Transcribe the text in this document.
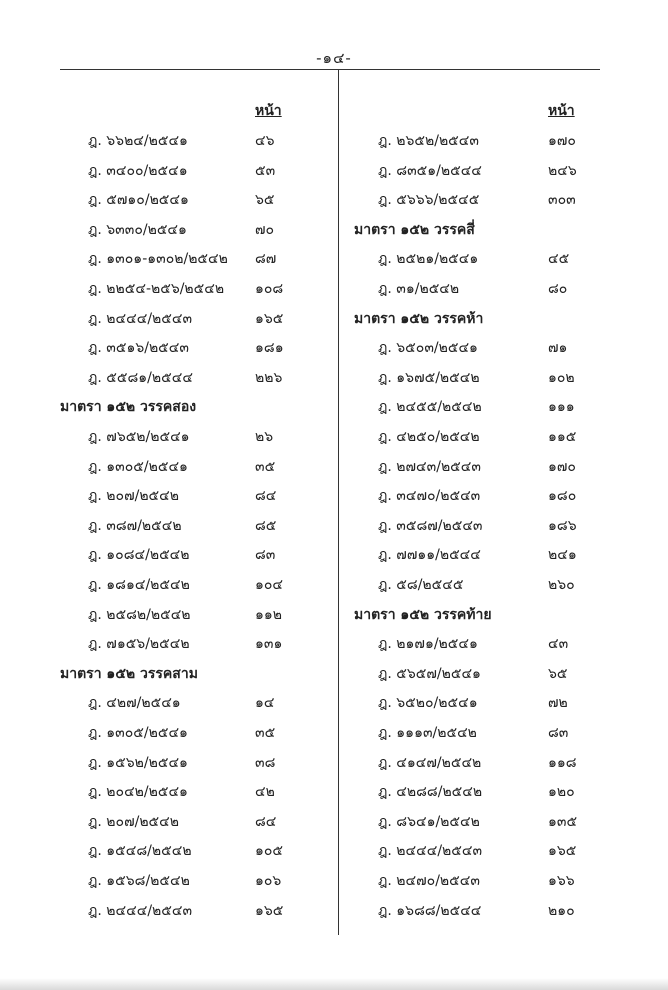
-๑๔-
หน้า
ฎ. ๖๖๒๔/๒๕๔๑	๔๖
ฎ. ๓๔๐๐/๒๕๔๑	๕๓
ฎ. ๕๗๑๐/๒๕๔๑	๖๕
ฎ. ๖๓๓๐/๒๕๔๑	๗๐
ฎ. ๑๓๐๑-๑๓๐๒/๒๕๔๒ ๘๗
ฎ. ๒๒๕๔-๒๕๖/๒๕๔๒ ๑๐๘
ฎ. ๒๔๔๔/๒๕๔๓	๑๖๕
ฎ. ๓๕๑๖/๒๕๔๓	๑๘๑
ฎ. ๕๕๘๑/๒๕๔๔	๒๒๖
มาตรา ๑๕๒ วรรคสอง
ฎ. ๗๖๕๒/๒๕๔๑	๒๖
ฎ. ๑๓๐๕/๒๕๔๑	๓๕
ฎ. ๒๐๗/๒๕๔๒	๘๔
ฎ. ๓๘๗/๒๕๔๒	๘๕
ฎ. ๑๐๘๔/๒๕๔๒	๘๓
ฎ. ๑๘๑๔/๒๕๔๒	๑๐๔
ฎ. ๒๕๘๒/๒๕๔๒	๑๑๒
ฎ. ๗๑๕๖/๒๕๔๒	๑๓๑
มาตรา ๑๕๒ วรรคสาม
ฎ. ๔๒๗/๒๕๔๑	๑๔
ฎ. ๑๓๐๕/๒๕๔๑	๓๕
ฎ. ๑๕๖๒/๒๕๔๑	๓๘
ฎ. ๒๐๔๒/๒๕๔๑	๔๒
ฎ. ๒๐๗/๒๕๔๒	๘๔
ฎ. ๑๕๔๘/๒๕๔๒	๑๐๕
ฎ. ๑๕๖๘/๒๕๔๒	๑๐๖
ฎ. ๒๔๔๔/๒๕๔๓	๑๖๕
หน้า
ฎ. ๒๖๕๒/๒๕๔๓	๑๗๐
ฎ. ๘๓๕๑/๒๕๔๔	๒๔๖
ฎ. ๕๖๖๖/๒๕๔๕	๓๐๓
มาตรา ๑๕๒ วรรคสี่
ฎ. ๒๕๒๑/๒๕๔๑	๔๕
ฎ. ๓๑/๒๕๔๒	๘๐
มาตรา ๑๕๒ วรรคห้า
ฎ. ๖๕๐๓/๒๕๔๑	๗๑
ฎ. ๑๖๗๕/๒๕๔๒	๑๐๒
ฎ. ๒๔๕๕/๒๕๔๒	๑๑๑
ฎ. ๔๒๕๐/๒๕๔๒	๑๑๕
ฎ. ๒๗๔๓/๒๕๔๓	๑๗๐
ฎ. ๓๔๗๐/๒๕๔๓	๑๘๐
ฎ. ๓๕๘๗/๒๕๔๓	๑๘๖
ฎ. ๗๗๑๑/๒๕๔๔	๒๔๑
ฎ. ๕๘/๒๕๔๕	๒๖๐
มาตรา ๑๕๒ วรรคท้าย
ฎ. ๒๑๗๑/๒๕๔๑	๔๓
ฎ. ๕๖๕๗/๒๕๔๑	๖๕
ฎ. ๖๕๒๐/๒๕๔๑	๗๒
ฎ. ๑๑๑๓/๒๕๔๒	๘๓
ฎ. ๔๑๔๗/๒๕๔๒	๑๑๘
ฎ. ๔๒๘๘/๒๕๔๒	๑๒๐
ฎ. ๘๖๔๑/๒๕๔๒	๑๓๕
ฎ. ๒๔๔๔/๒๕๔๓	๑๖๕
ฎ. ๒๔๗๐/๒๕๔๓	๑๖๖
ฎ. ๑๖๘๘/๒๕๔๔	๒๑๐
